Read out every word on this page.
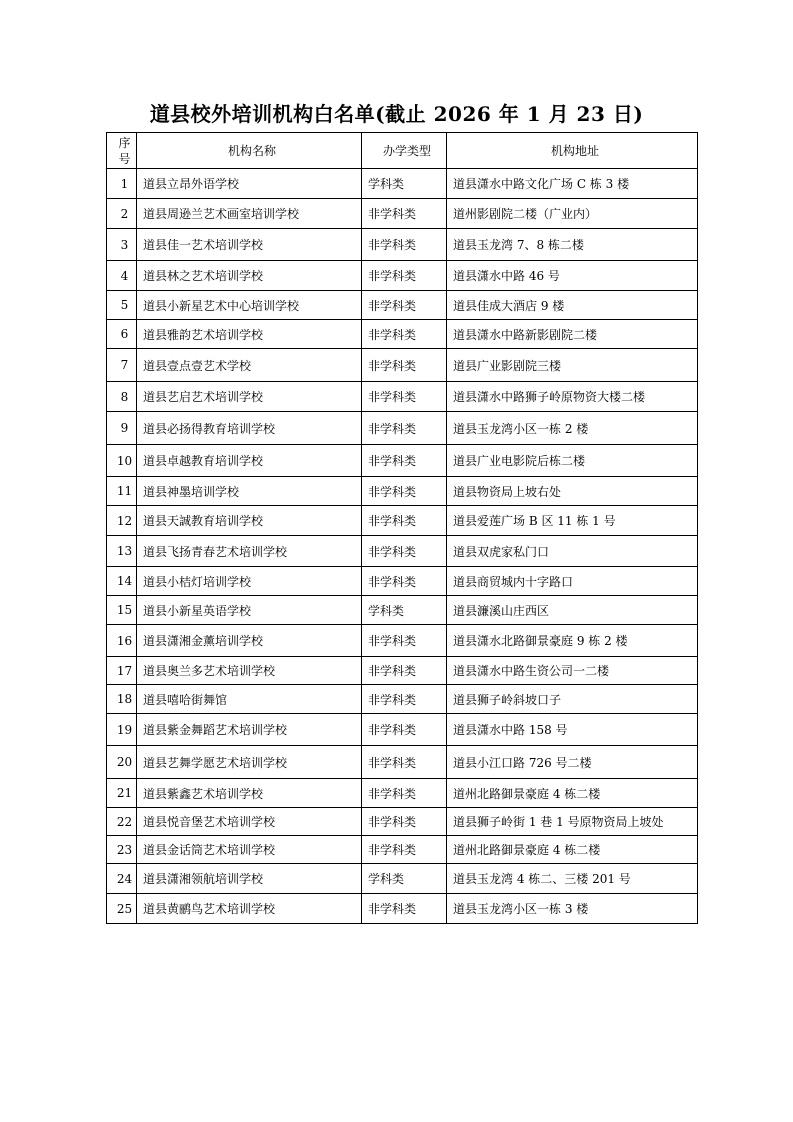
道县校外培训机构白名单(截止 2026 年 1 月 23 日)
序
号	机构名称	办学类型	机构地址
1	道县立昂外语学校	学科类	道县潇水中路文化广场 C 栋 3 楼
2	道县周逊兰艺术画室培训学校	非学科类	道州影剧院二楼（广业内）
3	道县佳一艺术培训学校	非学科类	道县玉龙湾 7、8 栋二楼
4	道县林之艺术培训学校	非学科类	道县潇水中路 46 号
5	道县小新星艺术中心培训学校	非学科类	道县佳成大酒店 9 楼
6	道县雅韵艺术培训学校	非学科类	道县潇水中路新影剧院二楼
7	道县壹点壹艺术学校	非学科类	道县广业影剧院三楼
8	道县艺启艺术培训学校	非学科类	道县潇水中路狮子岭原物资大楼二楼
9	道县必扬得教育培训学校	非学科类	道县玉龙湾小区一栋 2 楼
10	道县卓越教育培训学校	非学科类	道县广业电影院后栋二楼
11	道县神墨培训学校	非学科类	道县物资局上坡右处
12	道县天誠教育培训学校	非学科类	道县爱莲广场 B 区 11 栋 1 号
13	道县飞扬青春艺术培训学校	非学科类	道县双虎家私门口
14	道县小桔灯培训学校	非学科类	道县商贸城内十字路口
15	道县小新星英语学校	学科类	道县濂溪山庄西区
16	道县潇湘金薰培训学校	非学科类	道县潇水北路御景豪庭 9 栋 2 楼
17	道县奥兰多艺术培训学校	非学科类	道县潇水中路生资公司一二楼
18	道县嘻哈街舞馆	非学科类	道县狮子岭斜坡口子
19	道县紫金舞蹈艺术培训学校	非学科类	道县潇水中路 158 号
20	道县艺舞学愿艺术培训学校	非学科类	道县小江口路 726 号二楼
21	道县紫鑫艺术培训学校	非学科类	道州北路御景豪庭 4 栋二楼
22	道县悦音堡艺术培训学校	非学科类	道县狮子岭街 1 巷 1 号原物资局上坡处
23	道县金话筒艺术培训学校	非学科类	道州北路御景豪庭 4 栋二楼
24	道县潇湘领航培训学校	学科类	道县玉龙湾 4 栋二、三楼 201 号
25	道县黄鹂鸟艺术培训学校	非学科类	道县玉龙湾小区一栋 3 楼
